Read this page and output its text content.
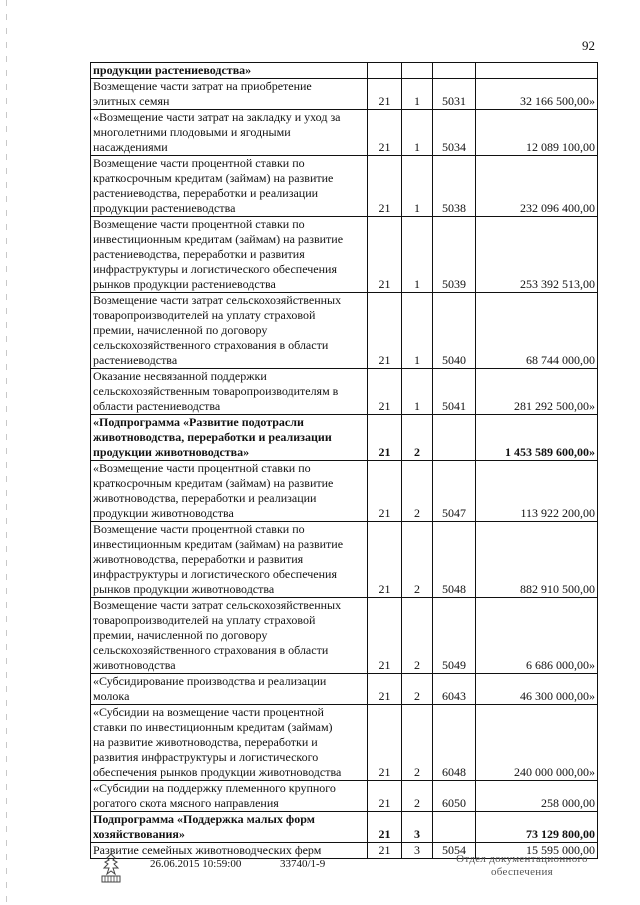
92
продукции растениеводства»				
Возмещение части затрат на приобретение
элитных семян	21	1	5031	32 166 500,00»
«Возмещение части затрат на закладку и уход за
многолетними плодовыми и ягодными
насаждениями	21	1	5034	12 089 100,00
Возмещение части процентной ставки по
краткосрочным кредитам (займам) на развитие
растениеводства, переработки и реализации
продукции растениеводства	21	1	5038	232 096 400,00
Возмещение части процентной ставки по
инвестиционным кредитам (займам) на развитие
растениеводства, переработки и развития
инфраструктуры и логистического обеспечения
рынков продукции растениеводства	21	1	5039	253 392 513,00
Возмещение части затрат сельскохозяйственных
товаропроизводителей на уплату страховой
премии, начисленной по договору
сельскохозяйственного страхования в области
растениеводства	21	1	5040	68 744 000,00
Оказание несвязанной поддержки
сельскохозяйственным товаропроизводителям в
области растениеводства	21	1	5041	281 292 500,00»
«Подпрограмма «Развитие подотрасли
животноводства, переработки и реализации
продукции животноводства»	21	2		1 453 589 600,00»
«Возмещение части процентной ставки по
краткосрочным кредитам (займам) на развитие
животноводства, переработки и реализации
продукции животноводства	21	2	5047	113 922 200,00
Возмещение части процентной ставки по
инвестиционным кредитам (займам) на развитие
животноводства, переработки и развития
инфраструктуры и логистического обеспечения
рынков продукции животноводства	21	2	5048	882 910 500,00
Возмещение части затрат сельскохозяйственных
товаропроизводителей на уплату страховой
премии, начисленной по договору
сельскохозяйственного страхования в области
животноводства	21	2	5049	6 686 000,00»
«Субсидирование производства и реализации
молока	21	2	6043	46 300 000,00»
«Субсидии на возмещение части процентной
ставки по инвестиционным кредитам (займам)
на развитие животноводства, переработки и
развития инфраструктуры и логистического
обеспечения рынков продукции животноводства	21	2	6048	240 000 000,00»
«Субсидии на поддержку племенного крупного
рогатого скота мясного направления	21	2	6050	258 000,00
Подпрограмма «Поддержка малых форм
хозяйствования»	21	3		73 129 800,00
Развитие семейных животноводческих ферм	21	3	5054	15 595 000,00
26.06.2015 10:59:00	33740/1-9	Отдел документационного
обеспечения
